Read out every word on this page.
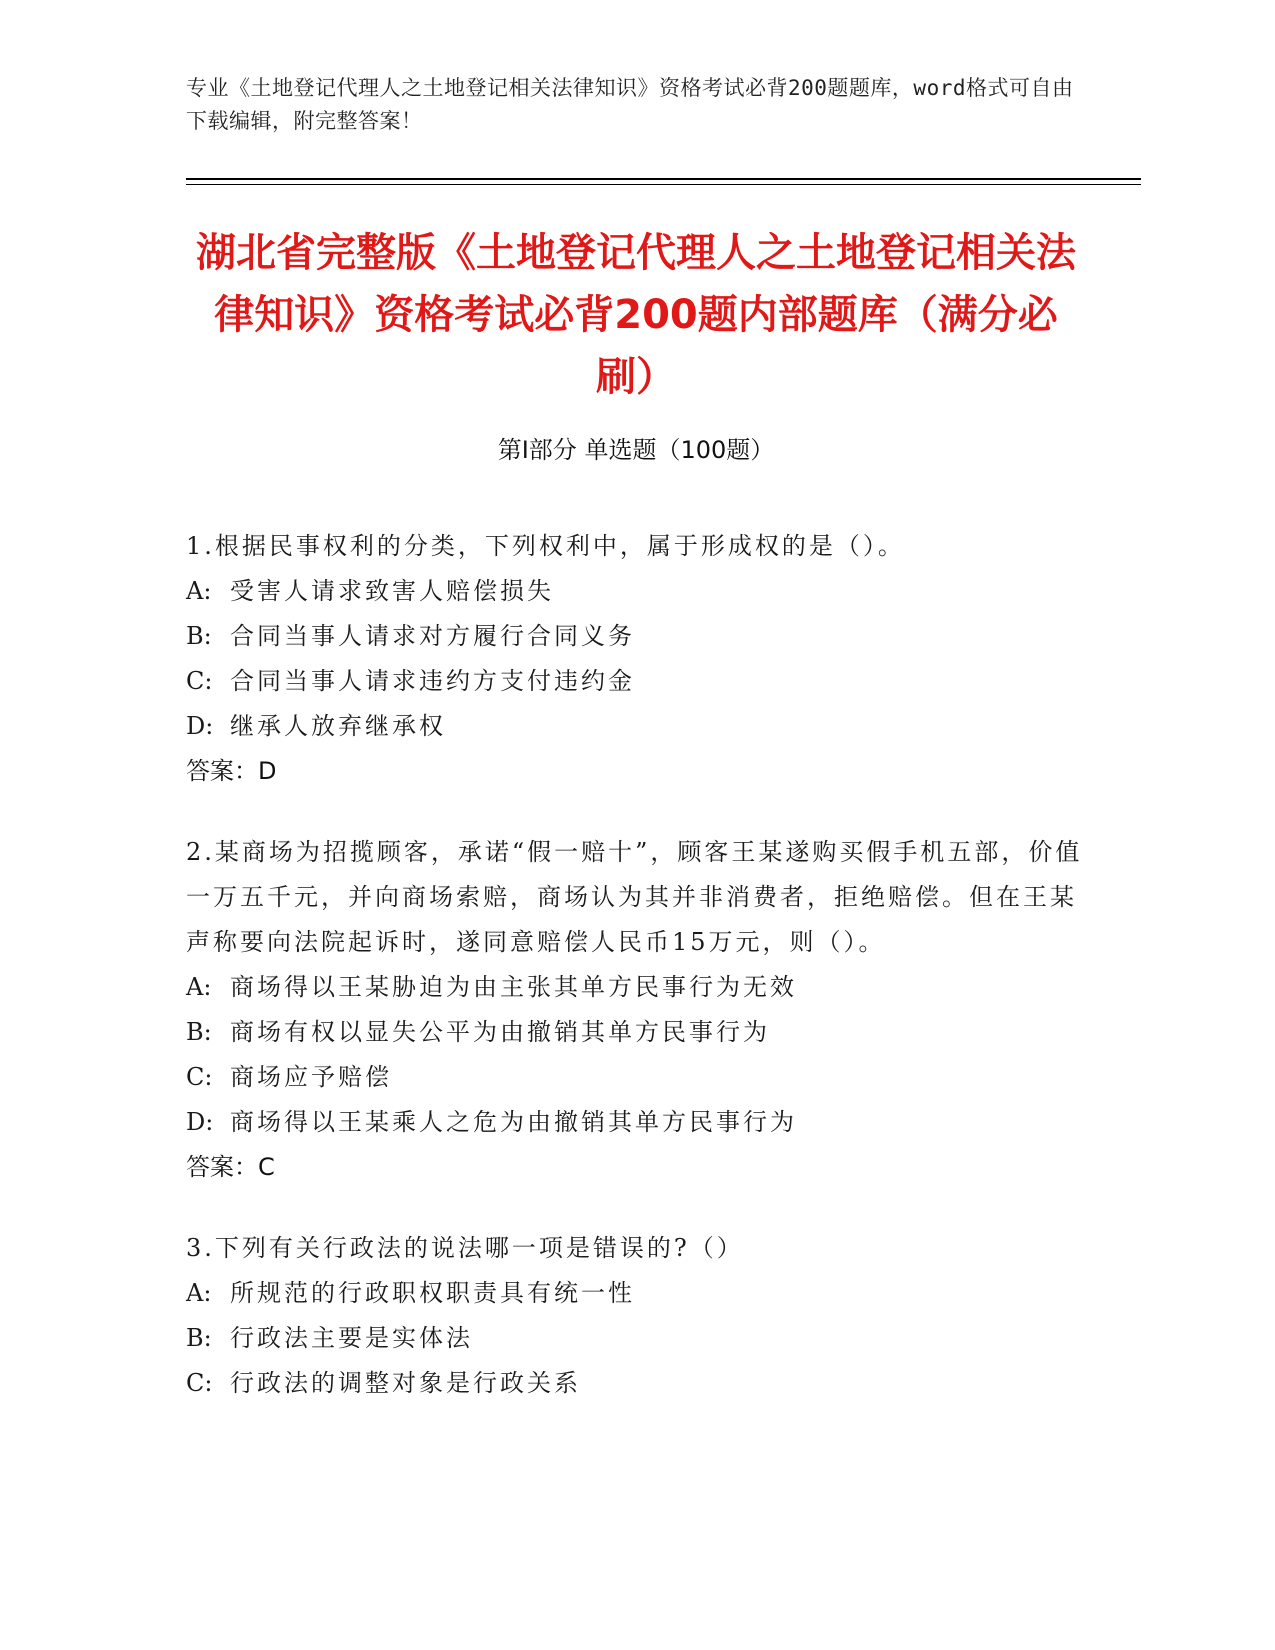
专业《土地登记代理人之土地登记相关法律知识》资格考试必背200题题库，word格式可自由下载编辑，附完整答案！
湖北省完整版《土地登记代理人之土地登记相关法律知识》资格考试必背200题内部题库（满分必刷）
第Ⅰ部分 单选题（100题）
1.根据民事权利的分类，下列权利中，属于形成权的是（）。
A: 受害人请求致害人赔偿损失
B: 合同当事人请求对方履行合同义务
C: 合同当事人请求违约方支付违约金
D: 继承人放弃继承权
答案：D
2.某商场为招揽顾客，承诺“假一赔十”，顾客王某遂购买假手机五部，价值一万五千元，并向商场索赔，商场认为其并非消费者，拒绝赔偿。但在王某声称要向法院起诉时，遂同意赔偿人民币15万元，则（）。
A: 商场得以王某胁迫为由主张其单方民事行为无效
B: 商场有权以显失公平为由撤销其单方民事行为
C: 商场应予赔偿
D: 商场得以王某乘人之危为由撤销其单方民事行为
答案：C
3.下列有关行政法的说法哪一项是错误的?（）
A: 所规范的行政职权职责具有统一性
B: 行政法主要是实体法
C: 行政法的调整对象是行政关系
